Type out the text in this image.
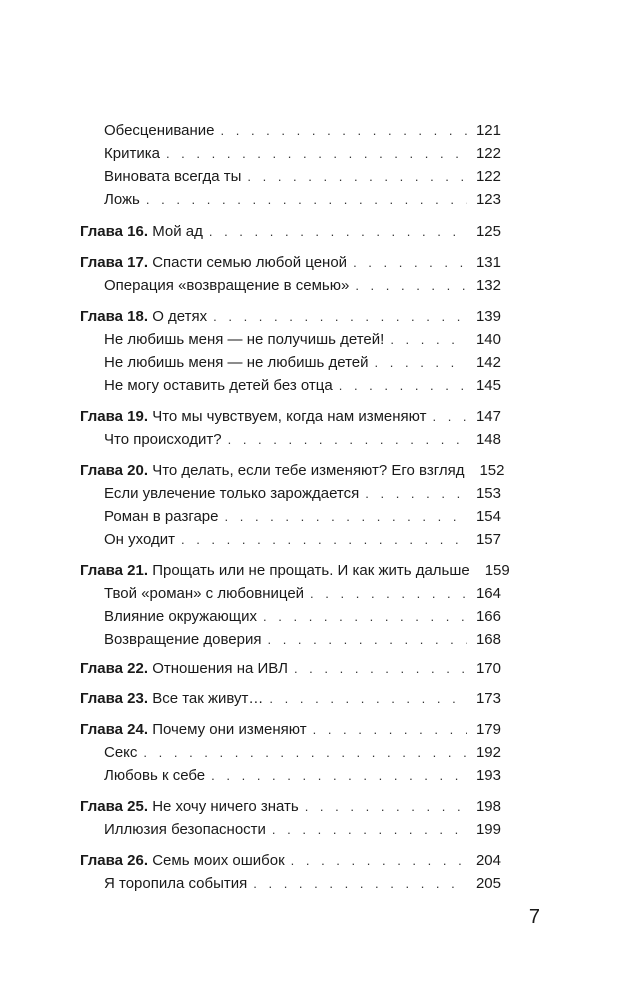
Обесценивание . . .	121
Критика . . .	122
Виновата всегда ты . . .	122
Ложь . . .	123
Глава 16. Мой ад . . .	125
Глава 17. Спасти семью любой ценой . . .	131
Операция «возвращение в семью» . . .	132
Глава 18. О детях . . .	139
Не любишь меня — не получишь детей! . . .	140
Не любишь меня — не любишь детей . . .	142
Не могу оставить детей без отца . . .	145
Глава 19. Что мы чувствуем, когда нам изменяют . . .	147
Что происходит? . . .	148
Глава 20. Что делать, если тебе изменяют? Его взгляд 152
Если увлечение только зарождается . . .	153
Роман в разгаре . . .	154
Он уходит . . .	157
Глава 21. Прощать или не прощать. И как жить дальше 159
Твой «роман» с любовницей . . .	164
Влияние окружающих . . .	166
Возвращение доверия . . .	168
Глава 22. Отношения на ИВЛ . . .	170
Глава 23. Все так живут… . . .	173
Глава 24. Почему они изменяют . . .	179
Секс . . .	192
Любовь к себе . . .	193
Глава 25. Не хочу ничего знать . . .	198
Иллюзия безопасности . . .	199
Глава 26. Семь моих ошибок . . .	204
Я торопила события . . .	205
7
